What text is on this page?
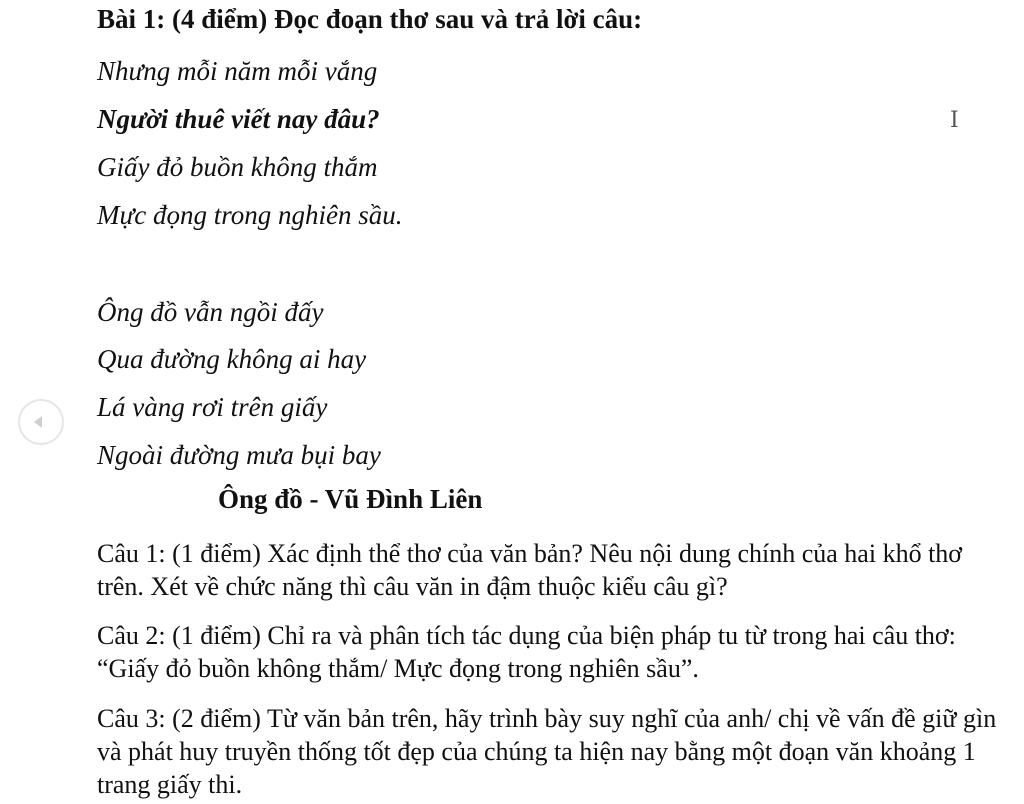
Bài 1: (4 điểm) Đọc đoạn thơ sau và trả lời câu:
Nhưng mỗi năm mỗi vắng
Người thuê viết nay đâu?
Giấy đỏ buồn không thắm
Mực đọng trong nghiên sầu.
Ông đồ vẫn ngồi đấy
Qua đường không ai hay
Lá vàng rơi trên giấy
Ngoài đường mưa bụi bay
Ông đồ - Vũ Đình Liên
Câu 1: (1 điểm) Xác định thể thơ của văn bản? Nêu nội dung chính của hai khổ thơ trên. Xét về chức năng thì câu văn in đậm thuộc kiểu câu gì?
Câu 2: (1 điểm) Chỉ ra và phân tích tác dụng của biện pháp tu từ trong hai câu thơ: “Giấy đỏ buồn không thắm/ Mực đọng trong nghiên sầu”.
Câu 3: (2 điểm) Từ văn bản trên, hãy trình bày suy nghĩ của anh/ chị về vấn đề giữ gìn và phát huy truyền thống tốt đẹp của chúng ta hiện nay bằng một đoạn văn khoảng 1 trang giấy thi.
I
